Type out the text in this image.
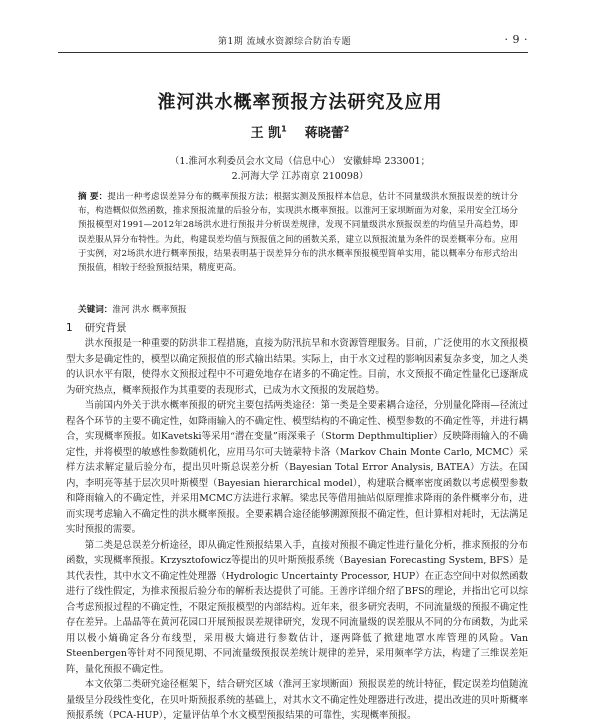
第1期 流域水资源综合防治专题	· 9 ·
淮河洪水概率预报方法研究及应用
王 凯$^1$ 蒋晓蕾$^2$
（1.淮河水利委员会水文局（信息中心） 安徽蚌埠 233001；
2.河海大学 江苏南京 210098）
摘 要：提出一种考虑误差异分布的概率预报方法；根据实测及预报样本信息，估计不同量级洪水预报误差的统计分布，构造概似似然函数，推求预报流量的后验分布，实现洪水概率预报。以淮河王家坝断面为对象，采用安全江场分预报模型对1991—2012年28场洪水进行预报并分析误差规律，发现不同量级洪水预报误差的均值呈升高趋势，即误差服从异分布特性。为此，构建误差均值与预报值之间的函数关系，建立以预报流量为条件的误差概率分布。应用于实例，对2场洪水进行概率预报，结果表明基于误差异分布的洪水概率预报模型简单实用，能以概率分布形式给出预报值，相较于经验预报结果，精度更高。
关键词：淮河 洪水 概率预报
1 研究背景

洪水预报是一种重要的防洪非工程措施，直接为防汛抗旱和水资源管理服务。目前，广泛使用的水文预报模型大多是确定性的，模型以确定预报值的形式输出结果。实际上，由于水文过程的影响因素复杂多变，加之人类的认识水平有限，使得水文预报过程中不可避免地存在诸多的不确定性。目前，水文预报不确定性量化已逐渐成为研究热点，概率预报作为其重要的表现形式，已成为水文预报的发展趋势。

当前国内外关于洪水概率预报的研究主要包括两类途径：第一类是全要素耦合途径，分别量化降雨—径流过程各个环节的主要不确定性，如降雨输入的不确定性、模型结构的不确定性、模型参数的不确定性等，并进行耦合，实现概率预报。如Kavetski等采用“潜在变量”雨深乘子（Storm Depthmultiplier）反映降雨输入的不确定性，并将模型的敏感性参数随机化，应用马尔可夫链蒙特卡洛（Markov Chain Monte Carlo, MCMC）采样方法求解定量后验分布，提出贝叶斯总误差分析（Bayesian Total Error Analysis, BATEA）方法。在国内，李明亮等基于层次贝叶斯模型（Bayesian hierarchical model），构建联合概率密度函数以考虑模型参数和降雨输入的不确定性，并采用MCMC方法进行求解。梁忠民等借用抽站似原理推求降雨的条件概率分布，进而实现考虑输入不确定性的洪水概率预报。全要素耦合途径能够溯源预报不确定性，但计算相对耗时，无法满足实时预报的需要。

第二类是总误差分析途径，即从确定性预报结果入手，直接对预报不确定性进行量化分析，推求预报的分布函数，实现概率预报。Krzysztofowicz等提出的贝叶斯预报系统（Bayesian Forecasting System, BFS）是其代表性，其中水文不确定性处理器（Hydrologic Uncertainty Processor, HUP）在正态空间中对似然函数进行了线性假定，为推求预报后验分布的解析表达提供了可能。王善序详细介绍了BFS的理论，并指出它可以综合考虑预报过程的不确定性，不限定预报模型的内部结构。近年来，很多研究表明，不同流量级的预报不确定性存在差异。上晶晶等在黄河花园口开展预报误差规律研究，发现不同流量级的误差服从不同的分布函数，为此采用以极小熵确定各分布线型，采用极大熵进行参数估计，逐两降低了掀建地罩水库管理的风险。Van Steenbergen等针对不同预见期、不同流量级预报误差统计规律的差异，采用频率学方法，构建了三维误差矩阵，量化预报不确定性。

本文依第二类研究途径框架下，结合研究区域（淮河王家坝断面）预报误差的统计特征，假定误差均值随流量级呈分段线性变化，在贝叶斯预报系统的基础上，对其水文不确定性处理器进行改进，提出改进的贝叶斯概率预报系统（PCA-HUP），定量评估单个水文模型预报结果的可靠性，实现概率预报。
